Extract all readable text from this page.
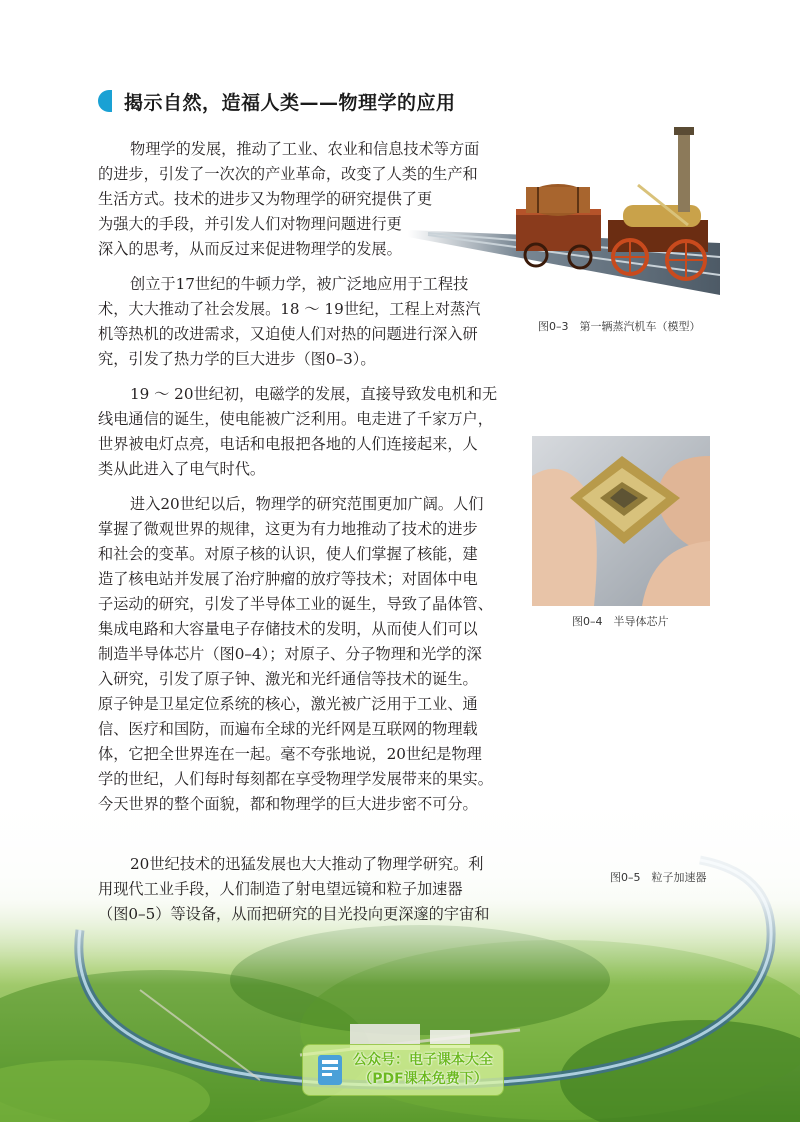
揭示自然，造福人类——物理学的应用
物理学的发展，推动了工业、农业和信息技术等方面
的进步，引发了一次次的产业革命，改变了人类的生产和
生活方式。技术的进步又为物理学的研究提供了更
为强大的手段，并引发人们对物理问题进行更
深入的思考，从而反过来促进物理学的发展。
创立于17世纪的牛顿力学，被广泛地应用于工程技
术，大大推动了社会发展。18 ～ 19世纪，工程上对蒸汽
机等热机的改进需求，又迫使人们对热的问题进行深入研
究，引发了热力学的巨大进步（图0–3）。
19 ～ 20世纪初，电磁学的发展，直接导致发电机和无
线电通信的诞生，使电能被广泛利用。电走进了千家万户，
世界被电灯点亮，电话和电报把各地的人们连接起来，人
类从此进入了电气时代。
进入20世纪以后，物理学的研究范围更加广阔。人们
掌握了微观世界的规律，这更为有力地推动了技术的进步
和社会的变革。对原子核的认识，使人们掌握了核能，建
造了核电站并发展了治疗肿瘤的放疗等技术；对固体中电
子运动的研究，引发了半导体工业的诞生，导致了晶体管、
集成电路和大容量电子存储技术的发明，从而使人们可以
制造半导体芯片（图0–4）；对原子、分子物理和光学的深
入研究，引发了原子钟、激光和光纤通信等技术的诞生。
原子钟是卫星定位系统的核心，激光被广泛用于工业、通
信、医疗和国防，而遍布全球的光纤网是互联网的物理载
体，它把全世界连在一起。毫不夸张地说，20世纪是物理
学的世纪，人们每时每刻都在享受物理学发展带来的果实。
今天世界的整个面貌，都和物理学的巨大进步密不可分。
20世纪技术的迅猛发展也大大推动了物理学研究。利
用现代工业手段，人们制造了射电望远镜和粒子加速器
（图0–5）等设备，从而把研究的目光投向更深邃的宇宙和
图0–3　第一辆蒸汽机车（模型）
图0–4　半导体芯片
图0–5　粒子加速器
公众号：电子课本大全
（PDF课本免费下）
